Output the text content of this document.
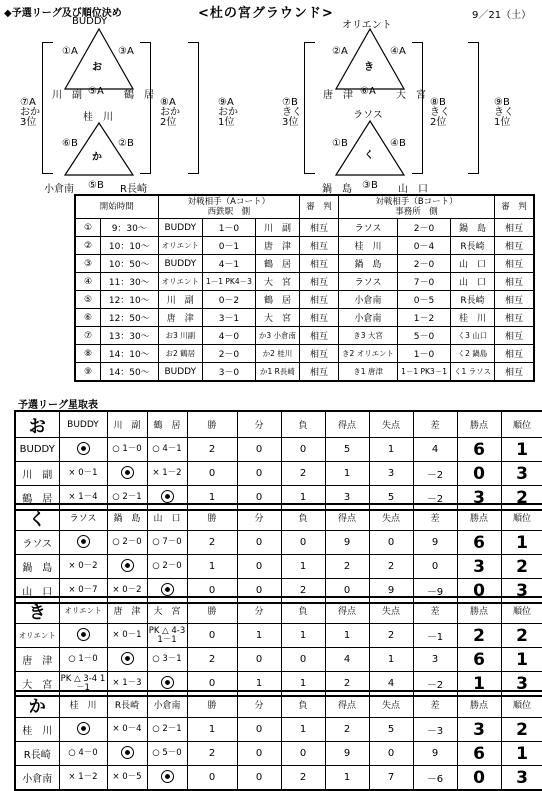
◆予選リーグ及び順位決め	<杜の宮グラウンド>	9／21（土）
BUDDY
お
①A	③A
川　副 ⑤A 鶴　居
桂　川
か
⑥B	②B
小倉南 ⑤B R長崎
⑦A
おか
3位
⑧A
おか
2位
⑨A
おか
1位
オリエント
き
②A	④A
唐　津 ⑥A 大　宮
ラソス
く
①B	④B
鍋　島 ③B 山　口
⑦B
きく
3位
⑧B
きく
2位
⑨B
きく
1位
開始時間		対戦相手（Aコート）
西鉄駅　側			審　判	対戦相手（Bコート）
事務所　側			審　判
①	9：30～	BUDDY	1－0	川　副	相互	ラソス	2－0	鍋　島	相互
②	10：10～	オリエント	0－1	唐　津	相互	桂　川	0－4	R長崎	相互
③	10：50～	BUDDY	4－1	鶴　居	相互	鍋　島	2－0	山　口	相互
④	11：30～	オリエント	1－1 PK4－3	大　宮	相互	ラソス	7－0	山　口	相互
⑤	12：10～	川　副	0－2	鶴　居	相互	小倉南	0－5	R長崎	相互
⑥	12：50～	唐　津	3－1	大　宮	相互	小倉南	1－2	桂　川	相互
⑦	13：30～	お3 川副	4－0	か3 小倉南	相互	き3 大宮	5－0	く3 山口	相互
⑧	14：10～	お2 鶴居	2－0	か2 桂川	相互	き2 オリエント	1－0	く2 鍋島	相互
⑨	14：50～	BUDDY	3－0	か1 R長崎	相互	き1 唐津	1－1 PK3－1	く1 ラソス	相互
予選リーグ星取表
お	BUDDY	川　副	鶴　居	勝	分	負	得点	失点	差	勝点	順位
BUDDY		○ 1－0	○ 4－1	2	0	0	5	1	4	6	1
川　副	× 0－1		× 1－2	0	0	2	1	3	－2	0	3
鶴　居	× 1－4	○ 2－1		1	0	1	3	5	－2	3	2
く	ラソス	鍋　島	山　口	勝	分	負	得点	失点	差	勝点	順位
ラソス		○ 2－0	○ 7－0	2	0	0	9	0	9	6	1
鍋　島	× 0－2		○ 2－0	1	0	1	2	2	0	3	2
山　口	× 0－7	× 0－2		0	0	2	0	9	－9	0	3
き	オリエント	唐　津	大　宮	勝	分	負	得点	失点	差	勝点	順位
オリエント		× 0－1	PK △ 4-3 1－1	0	1	1	1	2	－1	2	2
唐　津	○ 1－0		○ 3－1	2	0	0	4	1	3	6	1
大　宮	PK △ 3-4 1－1	× 1－3		0	1	1	2	4	－2	1	3
か	桂　川	R長崎	小倉南	勝	分	負	得点	失点	差	勝点	順位
桂　川		× 0－4	○ 2－1	1	0	1	2	5	－3	3	2
R長崎	○ 4－0		○ 5－0	2	0	0	9	0	9	6	1
小倉南	× 1－2	× 0－5		0	0	2	1	7	－6	0	3
